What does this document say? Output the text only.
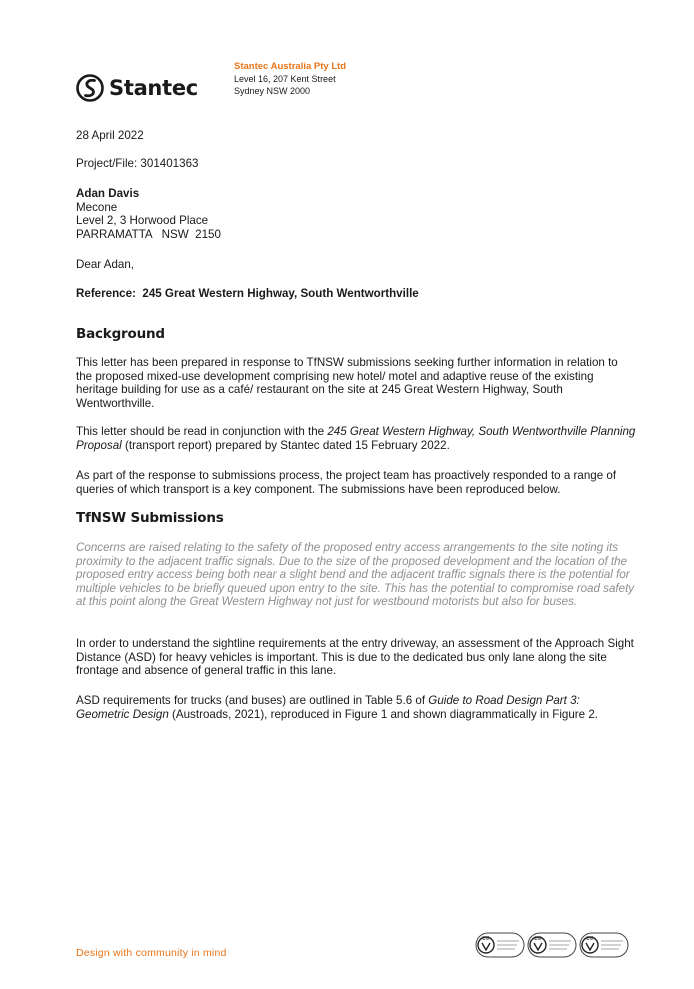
Stantec
Stantec Australia Pty Ltd
Level 16, 207 Kent Street
Sydney NSW 2000
28 April 2022
Project/File: 301401363
Adan Davis
Mecone
Level 2, 3 Horwood Place
PARRAMATTA   NSW  2150
Dear Adan,
Reference:  245 Great Western Highway, South Wentworthville
Background
This letter has been prepared in response to TfNSW submissions seeking further information in relation to the proposed mixed-use development comprising new hotel/ motel and adaptive reuse of the existing heritage building for use as a café/ restaurant on the site at 245 Great Western Highway, South Wentworthville.
This letter should be read in conjunction with the 245 Great Western Highway, South Wentworthville Planning Proposal (transport report) prepared by Stantec dated 15 February 2022.
As part of the response to submissions process, the project team has proactively responded to a range of queries of which transport is a key component. The submissions have been reproduced below.
TfNSW Submissions
Concerns are raised relating to the safety of the proposed entry access arrangements to the site noting its proximity to the adjacent traffic signals. Due to the size of the proposed development and the location of the proposed entry access being both near a slight bend and the adjacent traffic signals there is the potential for multiple vehicles to be briefly queued upon entry to the site. This has the potential to compromise road safety at this point along the Great Western Highway not just for westbound motorists but also for buses.
In order to understand the sightline requirements at the entry driveway, an assessment of the Approach Sight Distance (ASD) for heavy vehicles is important. This is due to the dedicated bus only lane along the site frontage and absence of general traffic in this lane.
ASD requirements for trucks (and buses) are outlined in Table 5.6 of Guide to Road Design Part 3: Geometric Design (Austroads, 2021), reproduced in Figure 1 and shown diagrammatically in Figure 2.
Design with community in mind
bsi	bsi	bsi
